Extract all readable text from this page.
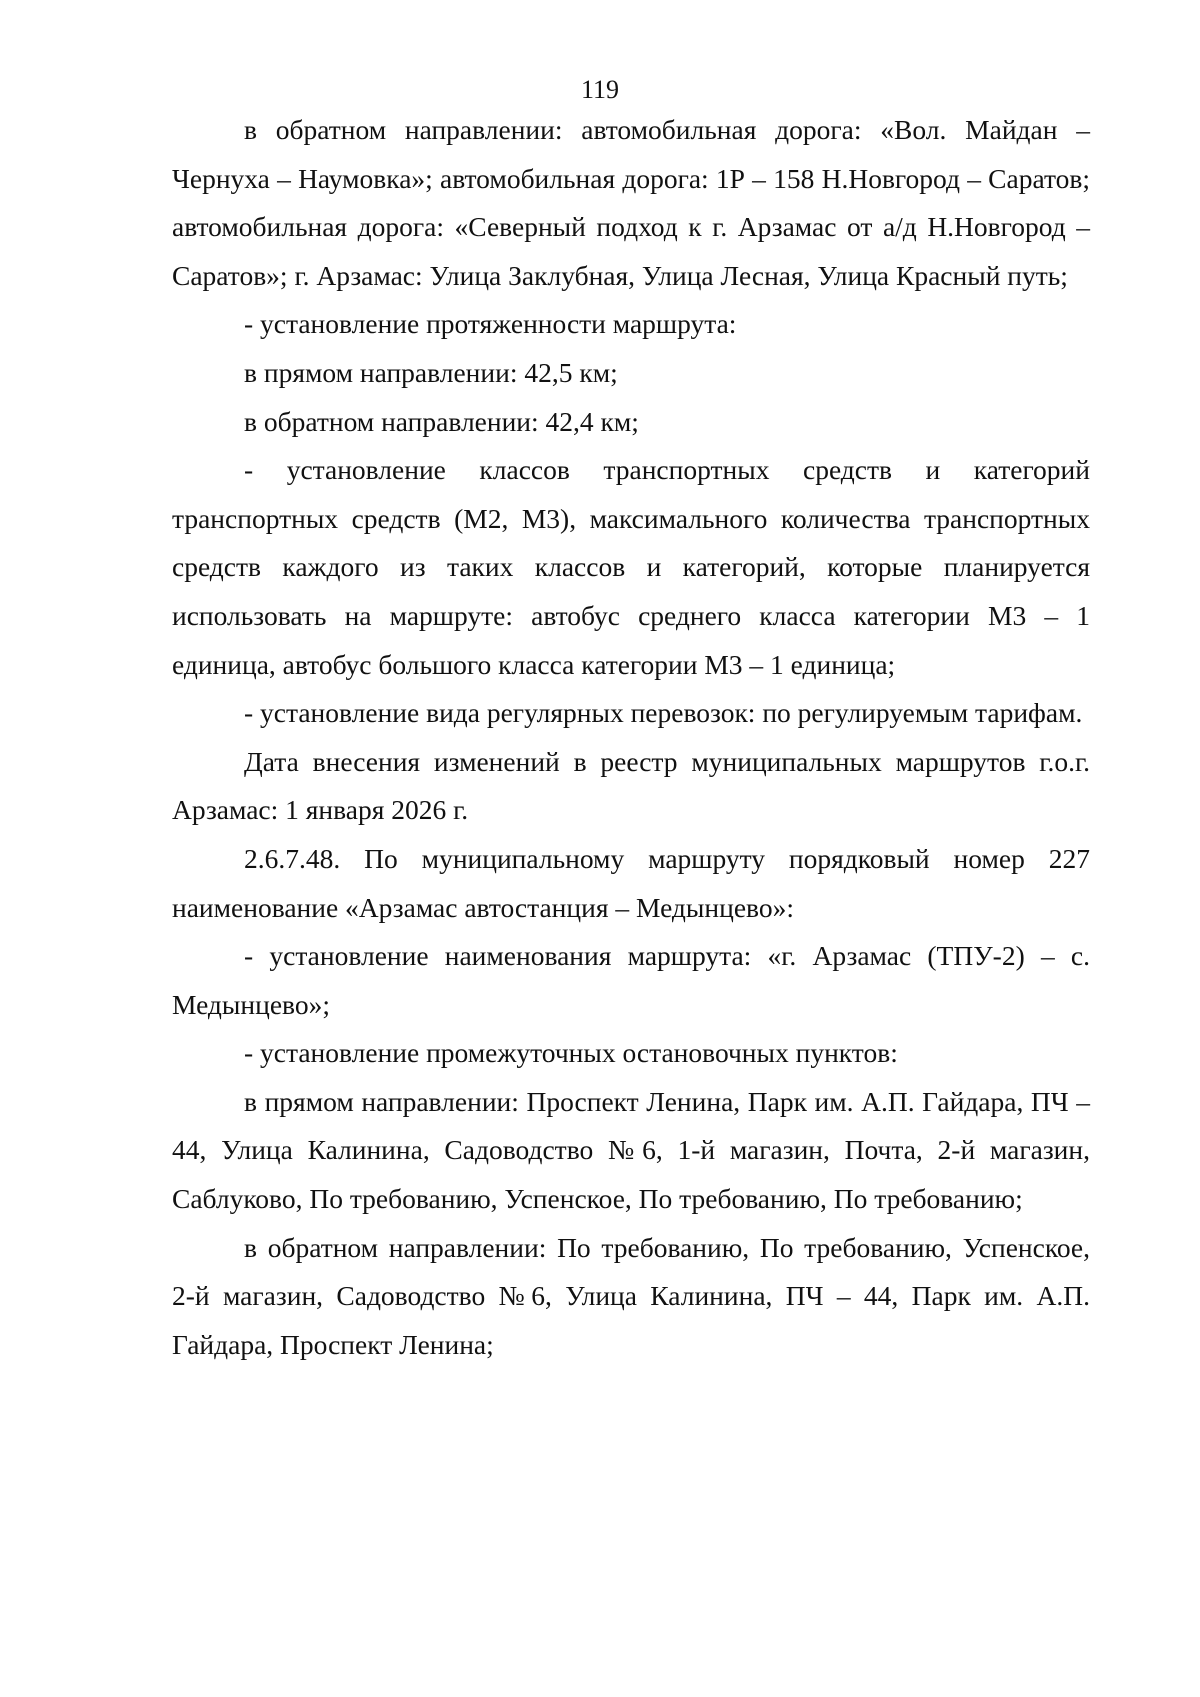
119

в обратном направлении: автомобильная дорога: «Вол. Майдан – Чернуха – Наумовка»; автомобильная дорога: 1Р – 158 Н.Новгород – Саратов; автомобильная дорога: «Северный подход к г. Арзамас от а/д Н.Новгород – Саратов»; г. Арзамас: Улица Заклубная, Улица Лесная, Улица Красный путь;

- установление протяженности маршрута:

в прямом направлении: 42,5 км;

в обратном направлении: 42,4 км;

- установление классов транспортных средств и категорий транспортных средств (М2, М3), максимального количества транспортных средств каждого из таких классов и категорий, которые планируется использовать на маршруте: автобус среднего класса категории М3 – 1 единица, автобус большого класса категории М3 – 1 единица;

- установление вида регулярных перевозок: по регулируемым тарифам.

Дата внесения изменений в реестр муниципальных маршрутов г.о.г. Арзамас: 1 января 2026 г.

2.6.7.48. По муниципальному маршруту порядковый номер 227 наименование «Арзамас автостанция – Медынцево»:

- установление наименования маршрута: «г. Арзамас (ТПУ-2) – с. Медынцево»;

- установление промежуточных остановочных пунктов:

в прямом направлении: Проспект Ленина, Парк им. А.П. Гайдара, ПЧ – 44, Улица Калинина, Садоводство №6, 1-й магазин, Почта, 2-й магазин, Саблуково, По требованию, Успенское, По требованию, По требованию;

в обратном направлении: По требованию, По требованию, Успенское, 2-й магазин, Садоводство №6, Улица Калинина, ПЧ – 44, Парк им. А.П. Гайдара, Проспект Ленина;
